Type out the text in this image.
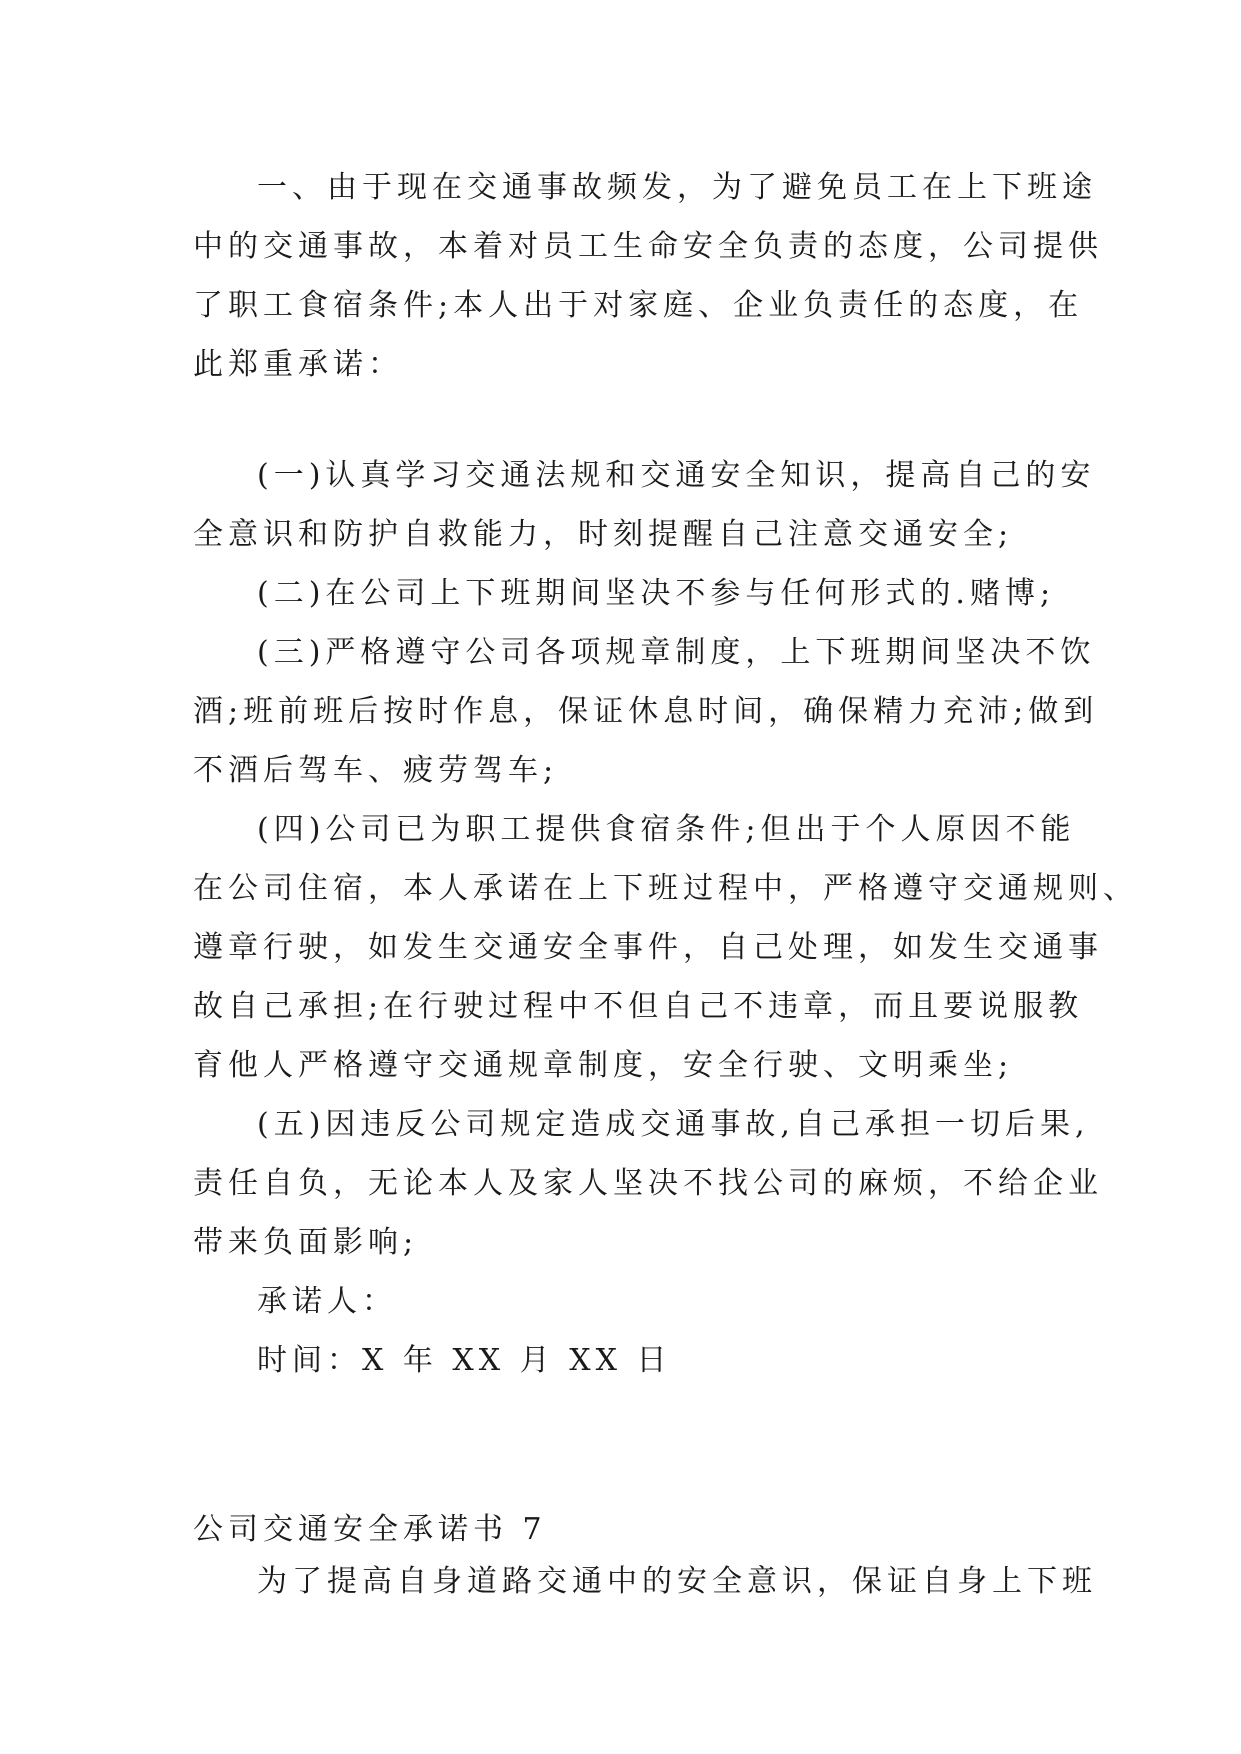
一、由于现在交通事故频发，为了避免员工在上下班途
中的交通事故，本着对员工生命安全负责的态度，公司提供
了职工食宿条件;本人出于对家庭、企业负责任的态度，在
此郑重承诺：
(一)认真学习交通法规和交通安全知识，提高自己的安
全意识和防护自救能力，时刻提醒自己注意交通安全;
(二)在公司上下班期间坚决不参与任何形式的.赌博;
(三)严格遵守公司各项规章制度，上下班期间坚决不饮
酒;班前班后按时作息，保证休息时间，确保精力充沛;做到
不酒后驾车、疲劳驾车;
(四)公司已为职工提供食宿条件;但出于个人原因不能
在公司住宿，本人承诺在上下班过程中，严格遵守交通规则、
遵章行驶，如发生交通安全事件，自己处理，如发生交通事
故自己承担;在行驶过程中不但自己不违章，而且要说服教
育他人严格遵守交通规章制度，安全行驶、文明乘坐;
(五)因违反公司规定造成交通事故,自己承担一切后果,
责任自负，无论本人及家人坚决不找公司的麻烦，不给企业
带来负面影响;
承诺人：
时间：X 年 XX 月 XX 日
公司交通安全承诺书 7
为了提高自身道路交通中的安全意识，保证自身上下班
